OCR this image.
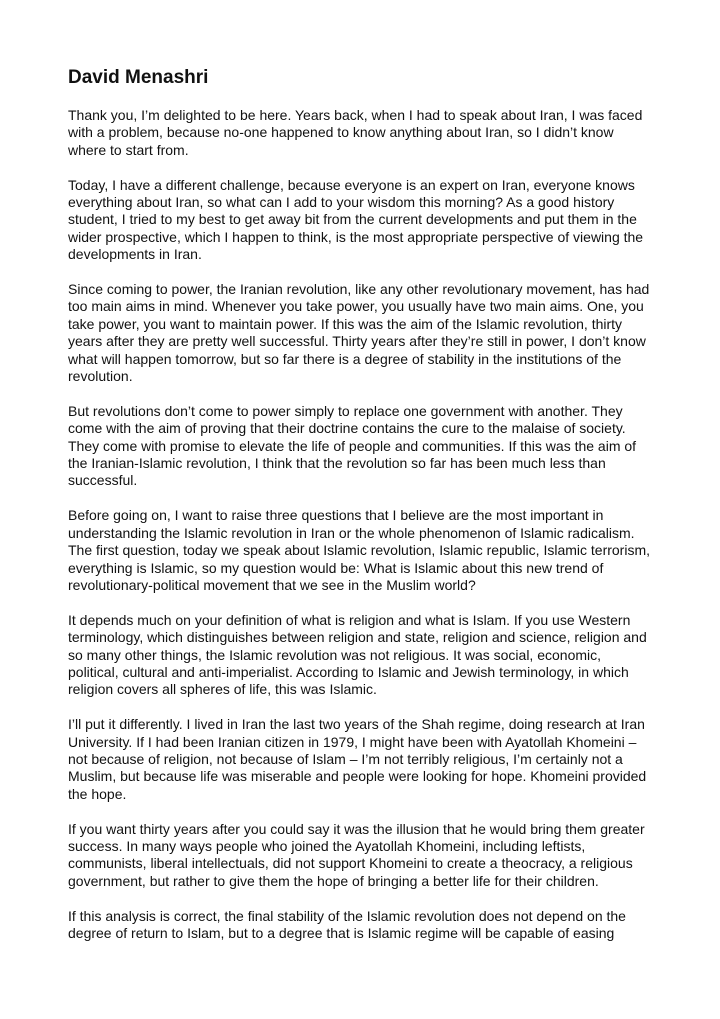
David Menashri

Thank you, I’m delighted to be here. Years back, when I had to speak about Iran, I was faced with a problem, because no-one happened to know anything about Iran, so I didn’t know where to start from.

Today, I have a different challenge, because everyone is an expert on Iran, everyone knows everything about Iran, so what can I add to your wisdom this morning? As a good history student, I tried to my best to get away bit from the current developments and put them in the wider prospective, which I happen to think, is the most appropriate perspective of viewing the developments in Iran.

Since coming to power, the Iranian revolution, like any other revolutionary movement, has had too main aims in mind. Whenever you take power, you usually have two main aims. One, you take power, you want to maintain power. If this was the aim of the Islamic revolution, thirty years after they are pretty well successful. Thirty years after they’re still in power, I don’t know what will happen tomorrow, but so far there is a degree of stability in the institutions of the revolution.

But revolutions don’t come to power simply to replace one government with another. They come with the aim of proving that their doctrine contains the cure to the malaise of society. They come with promise to elevate the life of people and communities. If this was the aim of the Iranian-Islamic revolution, I think that the revolution so far has been much less than successful.

Before going on, I want to raise three questions that I believe are the most important in understanding the Islamic revolution in Iran or the whole phenomenon of Islamic radicalism. The first question, today we speak about Islamic revolution, Islamic republic, Islamic terrorism, everything is Islamic, so my question would be: What is Islamic about this new trend of revolutionary-political movement that we see in the Muslim world?

It depends much on your definition of what is religion and what is Islam. If you use Western terminology, which distinguishes between religion and state, religion and science, religion and so many other things, the Islamic revolution was not religious. It was social, economic, political, cultural and anti-imperialist. According to Islamic and Jewish terminology, in which religion covers all spheres of life, this was Islamic.

I’ll put it differently. I lived in Iran the last two years of the Shah regime, doing research at Iran University. If I had been Iranian citizen in 1979, I might have been with Ayatollah Khomeini – not because of religion, not because of Islam – I’m not terribly religious, I’m certainly not a Muslim, but because life was miserable and people were looking for hope. Khomeini provided the hope.

If you want thirty years after you could say it was the illusion that he would bring them greater success. In many ways people who joined the Ayatollah Khomeini, including leftists, communists, liberal intellectuals, did not support Khomeini to create a theocracy, a religious government, but rather to give them the hope of bringing a better life for their children.

If this analysis is correct, the final stability of the Islamic revolution does not depend on the degree of return to Islam, but to a degree that is Islamic regime will be capable of easing
